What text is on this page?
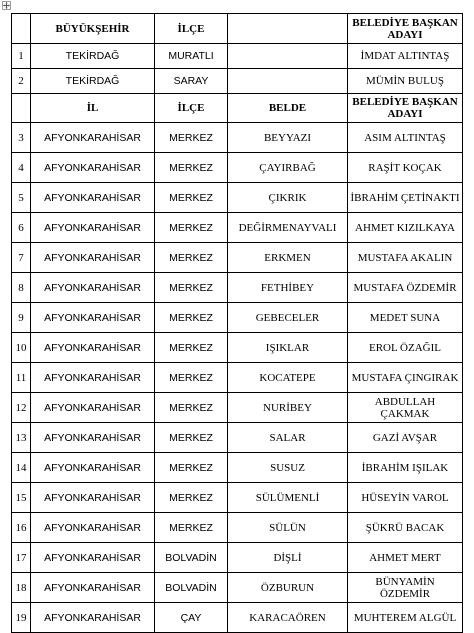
	BÜYÜKŞEHİR	İLÇE		BELEDİYE BAŞKAN ADAYI
1	TEKİRDAĞ	MURATLI		İMDAT ALTINTAŞ
2	TEKİRDAĞ	SARAY		MÜMİN BULUŞ
	İL	İLÇE	BELDE	BELEDİYE BAŞKAN ADAYI
3	AFYONKARAHİSAR	MERKEZ	BEYYAZI	ASIM ALTINTAŞ
4	AFYONKARAHİSAR	MERKEZ	ÇAYIRBAĞ	RAŞİT KOÇAK
5	AFYONKARAHİSAR	MERKEZ	ÇIKRIK	İBRAHİM ÇETİNAKTI
6	AFYONKARAHİSAR	MERKEZ	DEĞİRMENAYVALI	AHMET KIZILKAYA
7	AFYONKARAHİSAR	MERKEZ	ERKMEN	MUSTAFA AKALIN
8	AFYONKARAHİSAR	MERKEZ	FETHİBEY	MUSTAFA ÖZDEMİR
9	AFYONKARAHİSAR	MERKEZ	GEBECELER	MEDET SUNA
10	AFYONKARAHİSAR	MERKEZ	IŞIKLAR	EROL ÖZAĞIL
11	AFYONKARAHİSAR	MERKEZ	KOCATEPE	MUSTAFA ÇINGIRAK
12	AFYONKARAHİSAR	MERKEZ	NURİBEY	ABDULLAH ÇAKMAK
13	AFYONKARAHİSAR	MERKEZ	SALAR	GAZİ AVŞAR
14	AFYONKARAHİSAR	MERKEZ	SUSUZ	İBRAHİM IŞILAK
15	AFYONKARAHİSAR	MERKEZ	SÜLÜMENLİ	HÜSEYİN VAROL
16	AFYONKARAHİSAR	MERKEZ	SÜLÜN	ŞÜKRÜ BACAK
17	AFYONKARAHİSAR	BOLVADİN	DİŞLİ	AHMET MERT
18	AFYONKARAHİSAR	BOLVADİN	ÖZBURUN	BÜNYAMİN ÖZDEMİR
19	AFYONKARAHİSAR	ÇAY	KARACAÖREN	MUHTEREM ALGÜL
